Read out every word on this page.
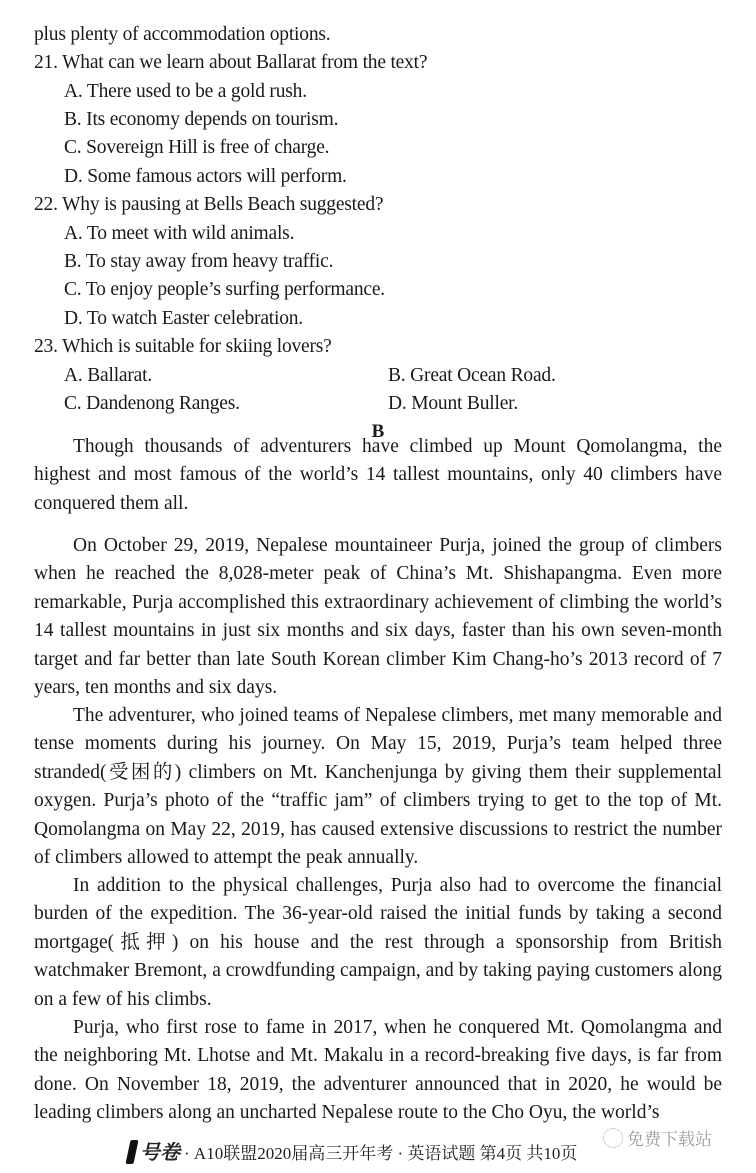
plus plenty of accommodation options.
21. What can we learn about Ballarat from the text?
A. There used to be a gold rush.
B. Its economy depends on tourism.
C. Sovereign Hill is free of charge.
D. Some famous actors will perform.
22. Why is pausing at Bells Beach suggested?
A. To meet with wild animals.
B. To stay away from heavy traffic.
C. To enjoy people’s surfing performance.
D. To watch Easter celebration.
23. Which is suitable for skiing lovers?
A. Ballarat.	B. Great Ocean Road.
C. Dandenong Ranges.	D. Mount Buller.
B

Though thousands of adventurers have climbed up Mount Qomolangma, the highest and most famous of the world’s 14 tallest mountains, only 40 climbers have conquered them all.

On October 29, 2019, Nepalese mountaineer Purja, joined the group of climbers when he reached the 8,028-meter peak of China’s Mt. Shishapangma. Even more remarkable, Purja accomplished this extraordinary achievement of climbing the world’s 14 tallest mountains in just six months and six days, faster than his own seven-month target and far better than late South Korean climber Kim Chang-ho’s 2013 record of 7 years, ten months and six days.

The adventurer, who joined teams of Nepalese climbers, met many memorable and tense moments during his journey. On May 15, 2019, Purja’s team helped three stranded(受困的) climbers on Mt. Kanchenjunga by giving them their supplemental oxygen. Purja’s photo of the “traffic jam” of climbers trying to get to the top of Mt. Qomolangma on May 22, 2019, has caused extensive discussions to restrict the number of climbers allowed to attempt the peak annually.

In addition to the physical challenges, Purja also had to overcome the financial burden of the expedition. The 36-year-old raised the initial funds by taking a second mortgage(抵押) on his house and the rest through a sponsorship from British watchmaker Bremont, a crowdfunding campaign, and by taking paying customers along on a few of his climbs.

Purja, who first rose to fame in 2017, when he conquered Mt. Qomolangma and the neighboring Mt. Lhotse and Mt. Makalu in a record-breaking five days, is far from done. On November 18, 2019, the adventurer announced that in 2020, he would be leading climbers along an uncharted Nepalese route to the Cho Oyu, the world’s

免费下载站
号卷 · A10联盟2020届高三开年考 · 英语试题 第4页 共10页
